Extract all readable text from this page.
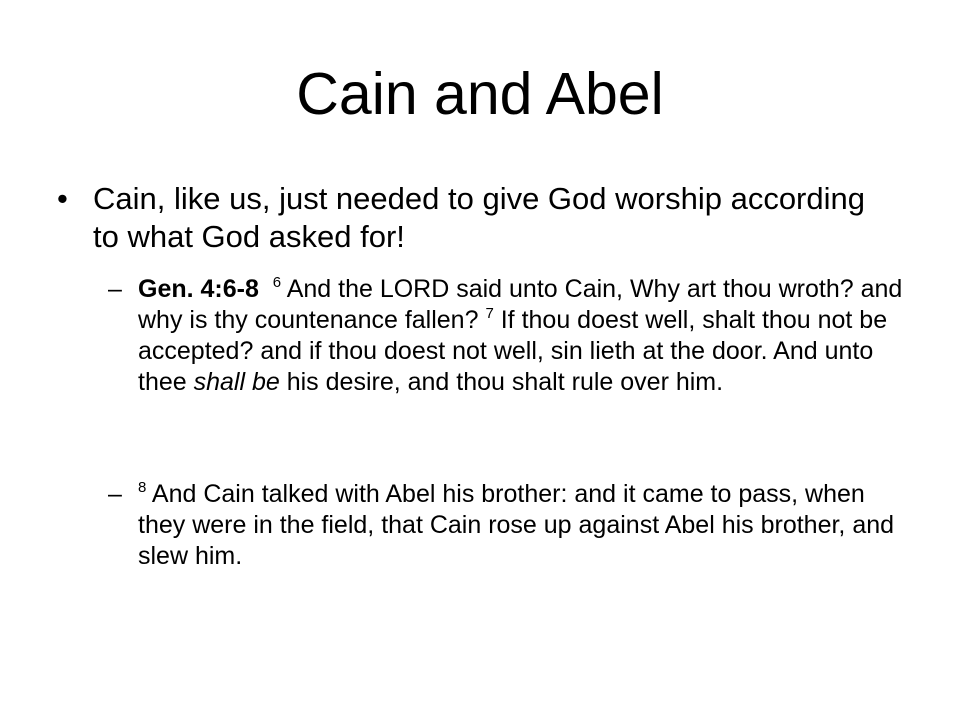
Cain and Abel
• Cain, like us, just needed to give God worship according to what God asked for!
– Gen. 4:6-8 $^6$ And the LORD said unto Cain, Why art thou wroth? and why is thy countenance fallen? $^7$ If thou doest well, shalt thou not be accepted? and if thou doest not well, sin lieth at the door. And unto thee shall be his desire, and thou shalt rule over him.
– $^8$ And Cain talked with Abel his brother: and it came to pass, when they were in the field, that Cain rose up against Abel his brother, and slew him.
